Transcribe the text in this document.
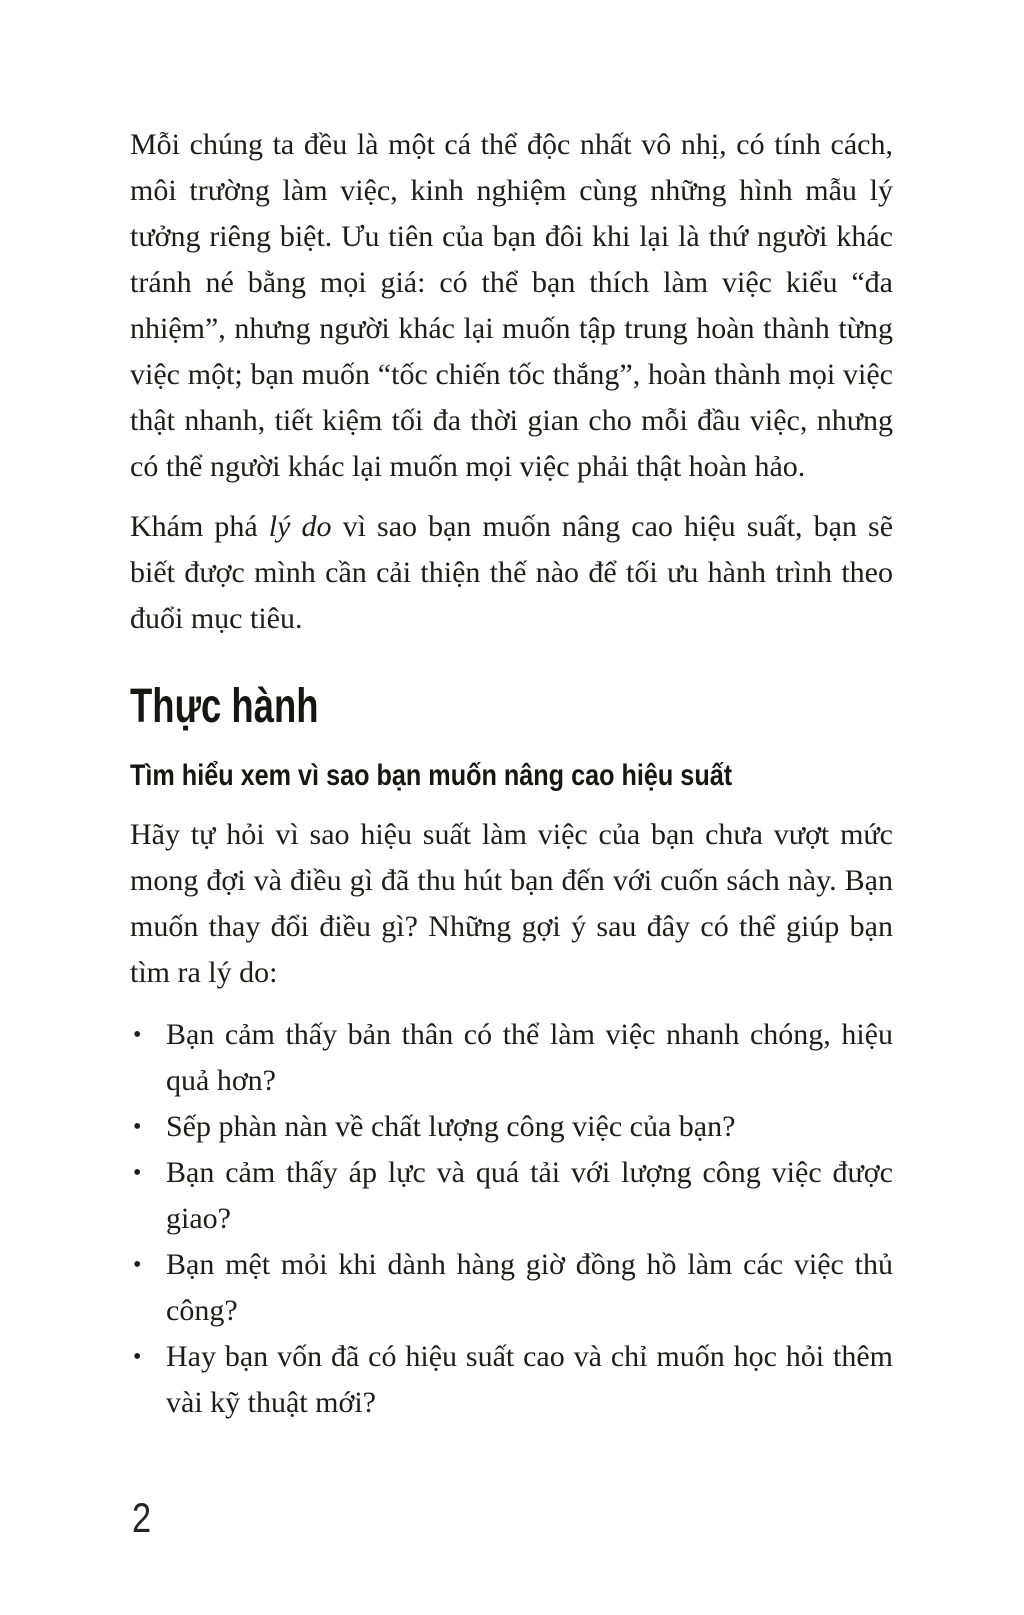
Mỗi chúng ta đều là một cá thể độc nhất vô nhị, có tính cách, môi trường làm việc, kinh nghiệm cùng những hình mẫu lý tưởng riêng biệt. Ưu tiên của bạn đôi khi lại là thứ người khác tránh né bằng mọi giá: có thể bạn thích làm việc kiểu “đa nhiệm”, nhưng người khác lại muốn tập trung hoàn thành từng việc một; bạn muốn “tốc chiến tốc thắng”, hoàn thành mọi việc thật nhanh, tiết kiệm tối đa thời gian cho mỗi đầu việc, nhưng có thể người khác lại muốn mọi việc phải thật hoàn hảo.

Khám phá lý do vì sao bạn muốn nâng cao hiệu suất, bạn sẽ biết được mình cần cải thiện thế nào để tối ưu hành trình theo đuổi mục tiêu.

Thực hành
Tìm hiểu xem vì sao bạn muốn nâng cao hiệu suất

Hãy tự hỏi vì sao hiệu suất làm việc của bạn chưa vượt mức mong đợi và điều gì đã thu hút bạn đến với cuốn sách này. Bạn muốn thay đổi điều gì? Những gợi ý sau đây có thể giúp bạn tìm ra lý do:

• Bạn cảm thấy bản thân có thể làm việc nhanh chóng, hiệu quả hơn?
• Sếp phàn nàn về chất lượng công việc của bạn?
• Bạn cảm thấy áp lực và quá tải với lượng công việc được giao?
• Bạn mệt mỏi khi dành hàng giờ đồng hồ làm các việc thủ công?
• Hay bạn vốn đã có hiệu suất cao và chỉ muốn học hỏi thêm vài kỹ thuật mới?
2
